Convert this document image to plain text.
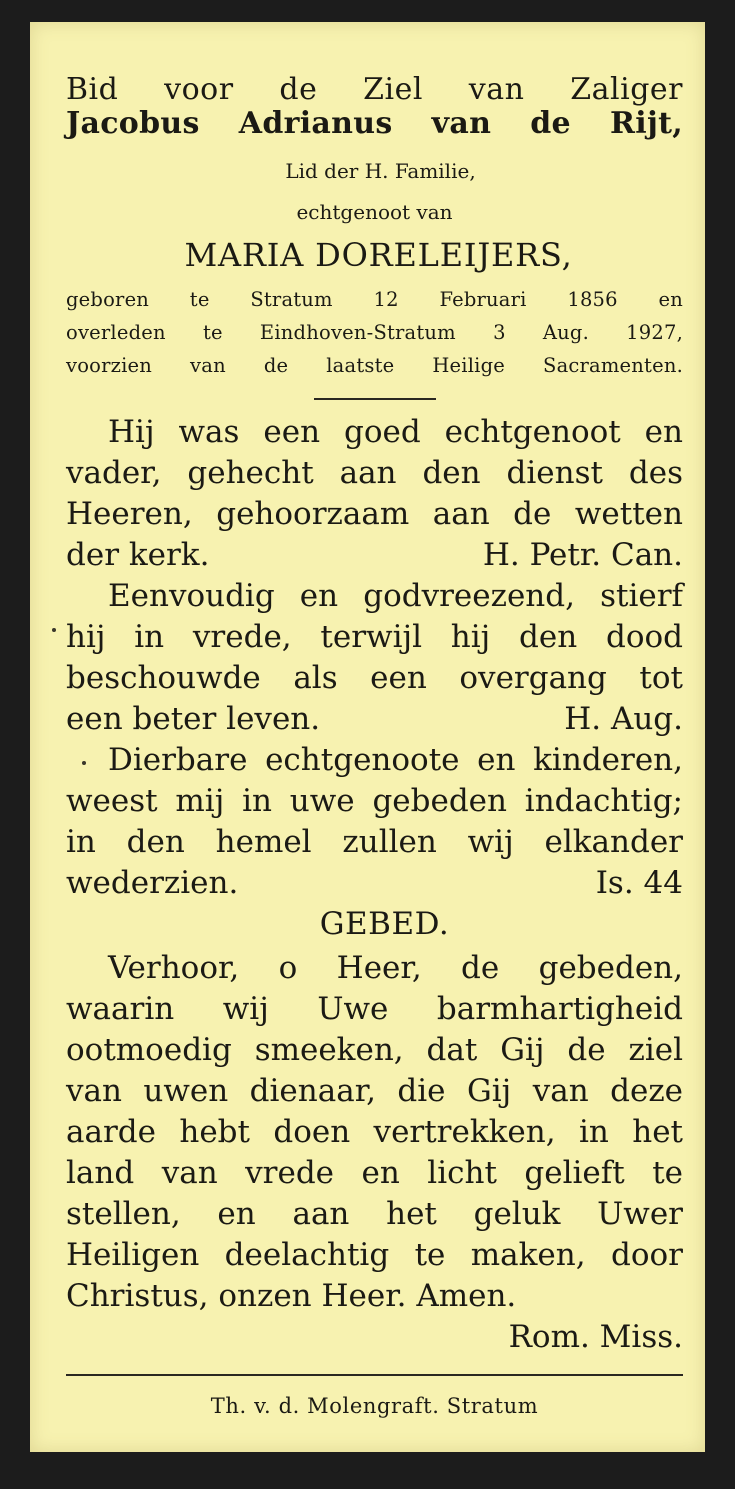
Bid voor de Ziel van Zaliger
Jacobus Adrianus van de Rijt,
Lid der H. Familie,
echtgenoot van
MARIA DORELEIJERS,
geboren te Stratum 12 Februari 1856 en
overleden te Eindhoven-Stratum 3 Aug. 1927,
voorzien van de laatste Heilige Sacramenten.
Hij was een goed echtgenoot en
vader, gehecht aan den dienst des
Heeren, gehoorzaam aan de wetten
der kerk.	H. Petr. Can.
Eenvoudig en godvreezend, stierf
hij in vrede, terwijl hij den dood
beschouwde als een overgang tot
een beter leven.	H. Aug.
Dierbare echtgenoote en kinderen,
weest mij in uwe gebeden indachtig;
in den hemel zullen wij elkander
wederzien.	Is. 44
GEBED.
Verhoor, o Heer, de gebeden,
waarin wij Uwe barmhartigheid
ootmoedig smeeken, dat Gij de ziel
van uwen dienaar, die Gij van deze
aarde hebt doen vertrekken, in het
land van vrede en licht gelieft te
stellen, en aan het geluk Uwer
Heiligen deelachtig te maken, door
Christus, onzen Heer. Amen.
Rom. Miss.
Th. v. d. Molengraft. Stratum
